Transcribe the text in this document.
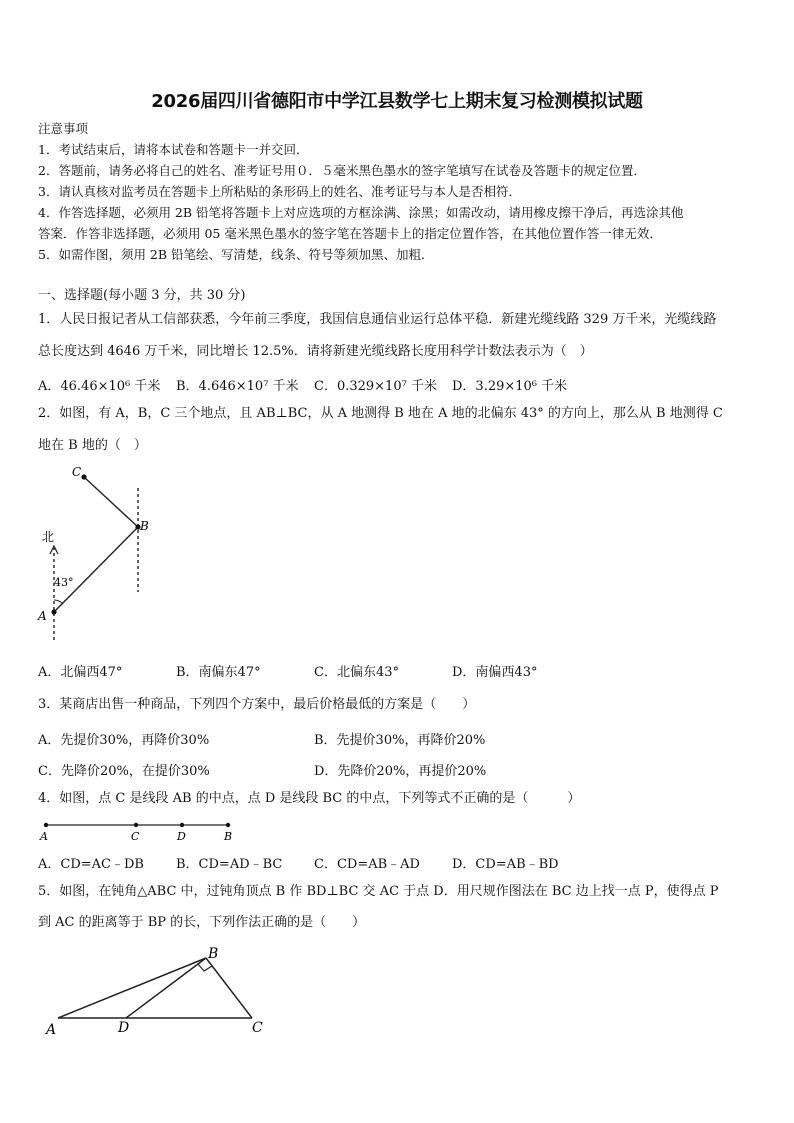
2026届四川省德阳市中学江县数学七上期末复习检测模拟试题
注意事项
1．考试结束后，请将本试卷和答题卡一并交回．
2．答题前，请务必将自己的姓名、准考证号用０．５毫米黑色墨水的签字笔填写在试卷及答题卡的规定位置．
3．请认真核对监考员在答题卡上所粘贴的条形码上的姓名、准考证号与本人是否相符．
4．作答选择题，必须用 2B 铅笔将答题卡上对应选项的方框涂满、涂黑；如需改动，请用橡皮擦干净后，再选涂其他
答案．作答非选择题，必须用 05 毫米黑色墨水的签字笔在答题卡上的指定位置作答，在其他位置作答一律无效．
5．如需作图，须用 2B 铅笔绘、写清楚，线条、符号等须加黑、加粗．
一、选择题(每小题 3 分，共 30 分)
1．人民日报记者从工信部获悉，今年前三季度，我国信息通信业运行总体平稳．新建光缆线路 329 万千米，光缆线路
总长度达到 4646 万千米，同比增长 12.5%．请将新建光缆线路长度用科学计数法表示为（　）
A．46.46×10⁶ 千米 B．4.646×10⁷ 千米 C．0.329×10⁷ 千米 D．3.29×10⁶ 千米
2．如图，有 A，B，C 三个地点，且 AB⊥BC，从 A 地测得 B 地在 A 地的北偏东 43° 的方向上，那么从 B 地测得 C
地在 B 地的（　）
C
B
A
北
43°
A．北偏西47°	B．南偏东47°	C．北偏东43°	D．南偏西43°
3．某商店出售一种商品，下列四个方案中，最后价格最低的方案是（　　）
A．先提价30%，再降价30%	B．先提价30%，再降价20%
C．先降价20%，在提价30%	D．先降价20%，再提价20%
4．如图，点 C 是线段 AB 的中点，点 D 是线段 BC 的中点，下列等式不正确的是（　　　）
A	C	D	B
A．CD=AC﹣DB B．CD=AD﹣BC C．CD=AB﹣AD D．CD=AB﹣BD
5．如图，在钝角△ABC 中，过钝角顶点 B 作 BD⊥BC 交 AC 于点 D．用尺规作图法在 BC 边上找一点 P，使得点 P
到 AC 的距离等于 BP 的长，下列作法正确的是（　　）
A	D
B
C
